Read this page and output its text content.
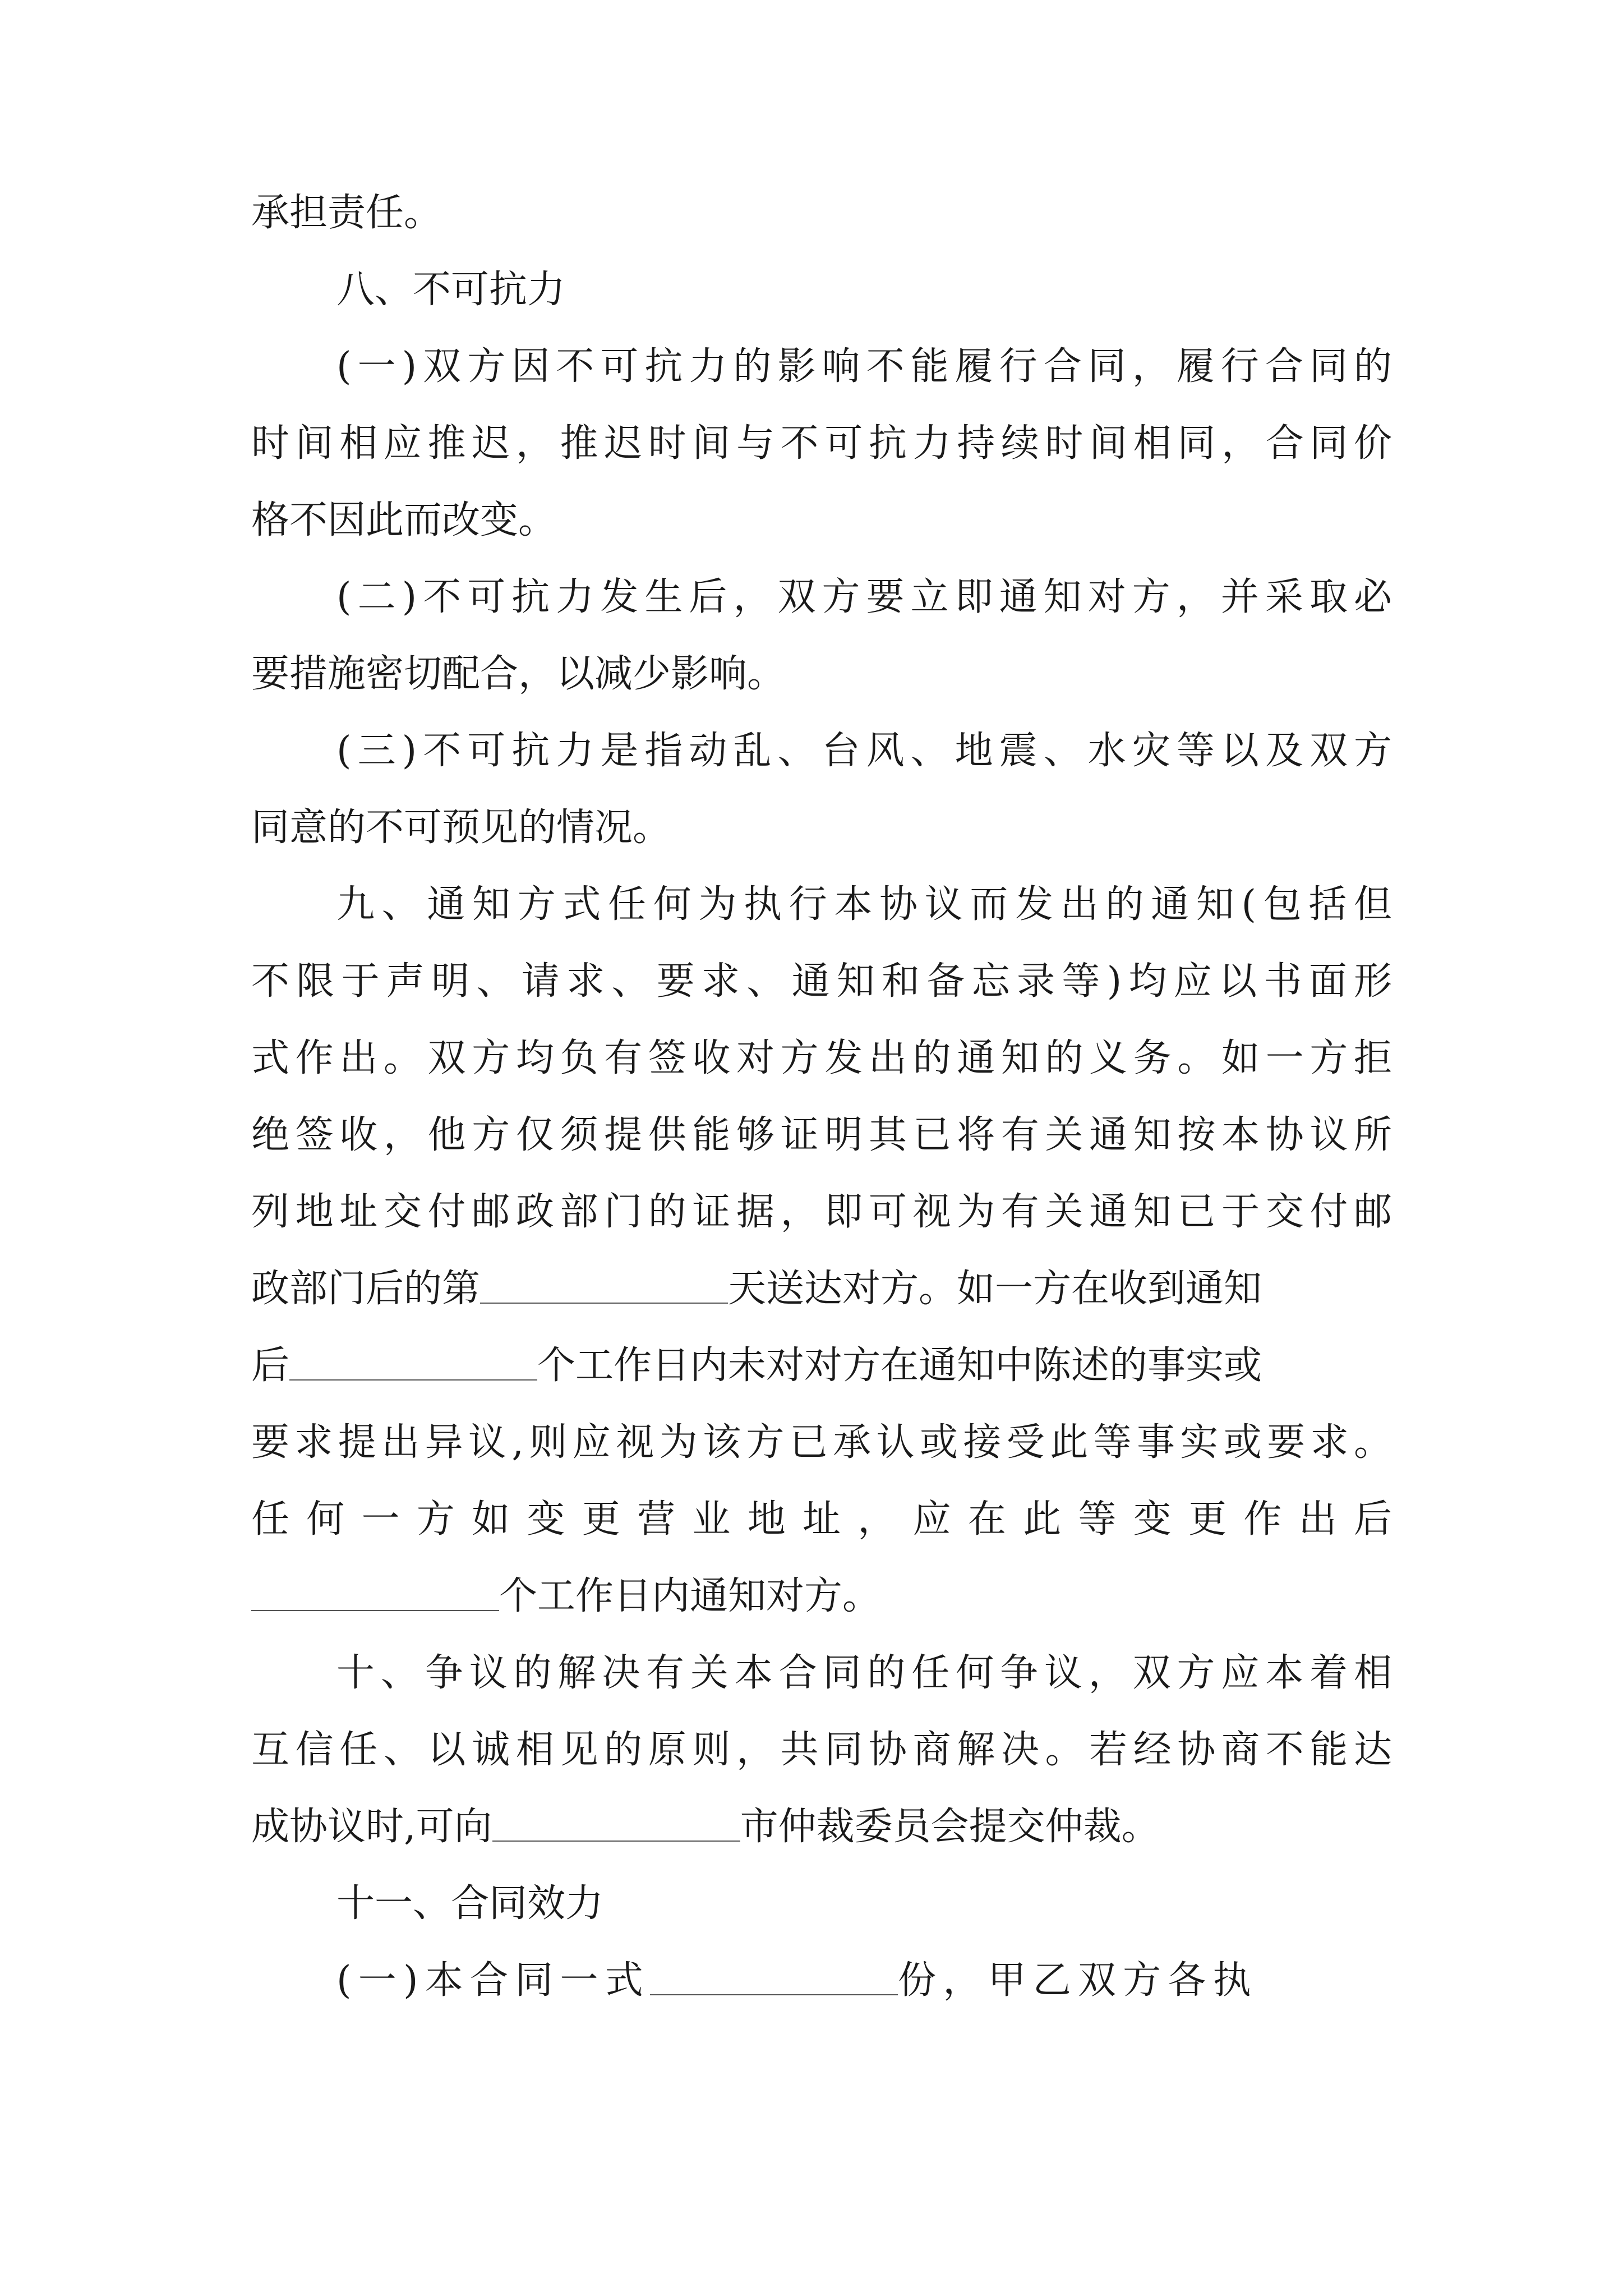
承担责任。
八、不可抗力
(一)双方因不可抗力的影响不能履行合同，履行合同的
时间相应推迟，推迟时间与不可抗力持续时间相同，合同价
格不因此而改变。
(二)不可抗力发生后，双方要立即通知对方，并采取必
要措施密切配合，以减少影响。
(三)不可抗力是指动乱、台风、地震、水灾等以及双方
同意的不可预见的情况。
九、通知方式任何为执行本协议而发出的通知(包括但
不限于声明、请求、要求、通知和备忘录等)均应以书面形
式作出。双方均负有签收对方发出的通知的义务。如一方拒
绝签收，他方仅须提供能够证明其已将有关通知按本协议所
列地址交付邮政部门的证据，即可视为有关通知已于交付邮
政部门后的第	天送达对方。如一方在收到通知
后	个工作日内未对对方在通知中陈述的事实或
要求提出异议,则应视为该方已承认或接受此等事实或要求。
任何一方如变更营业地址，应在此等变更作出后
个工作日内通知对方。
十、争议的解决有关本合同的任何争议，双方应本着相
互信任、以诚相见的原则，共同协商解决。若经协商不能达
成协议时,可向	市仲裁委员会提交仲裁。
十一、合同效力
(一)本合同一式	份，甲乙双方各执
